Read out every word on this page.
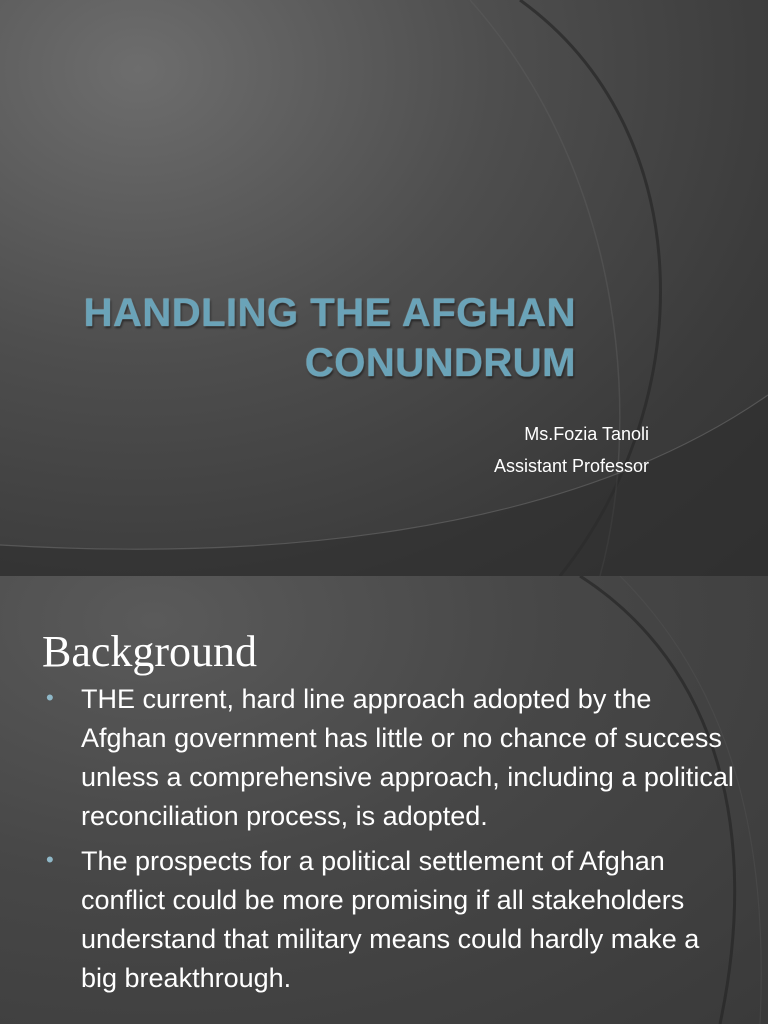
HANDLING THE AFGHAN CONUNDRUM
Ms.Fozia Tanoli
Assistant Professor
Background
• THE current, hard line approach adopted by the Afghan government has little or no chance of success unless a comprehensive approach, including a political reconciliation process, is adopted.
• The prospects for a political settlement of Afghan conflict could be more promising if all stakeholders understand that military means could hardly make a big breakthrough.
